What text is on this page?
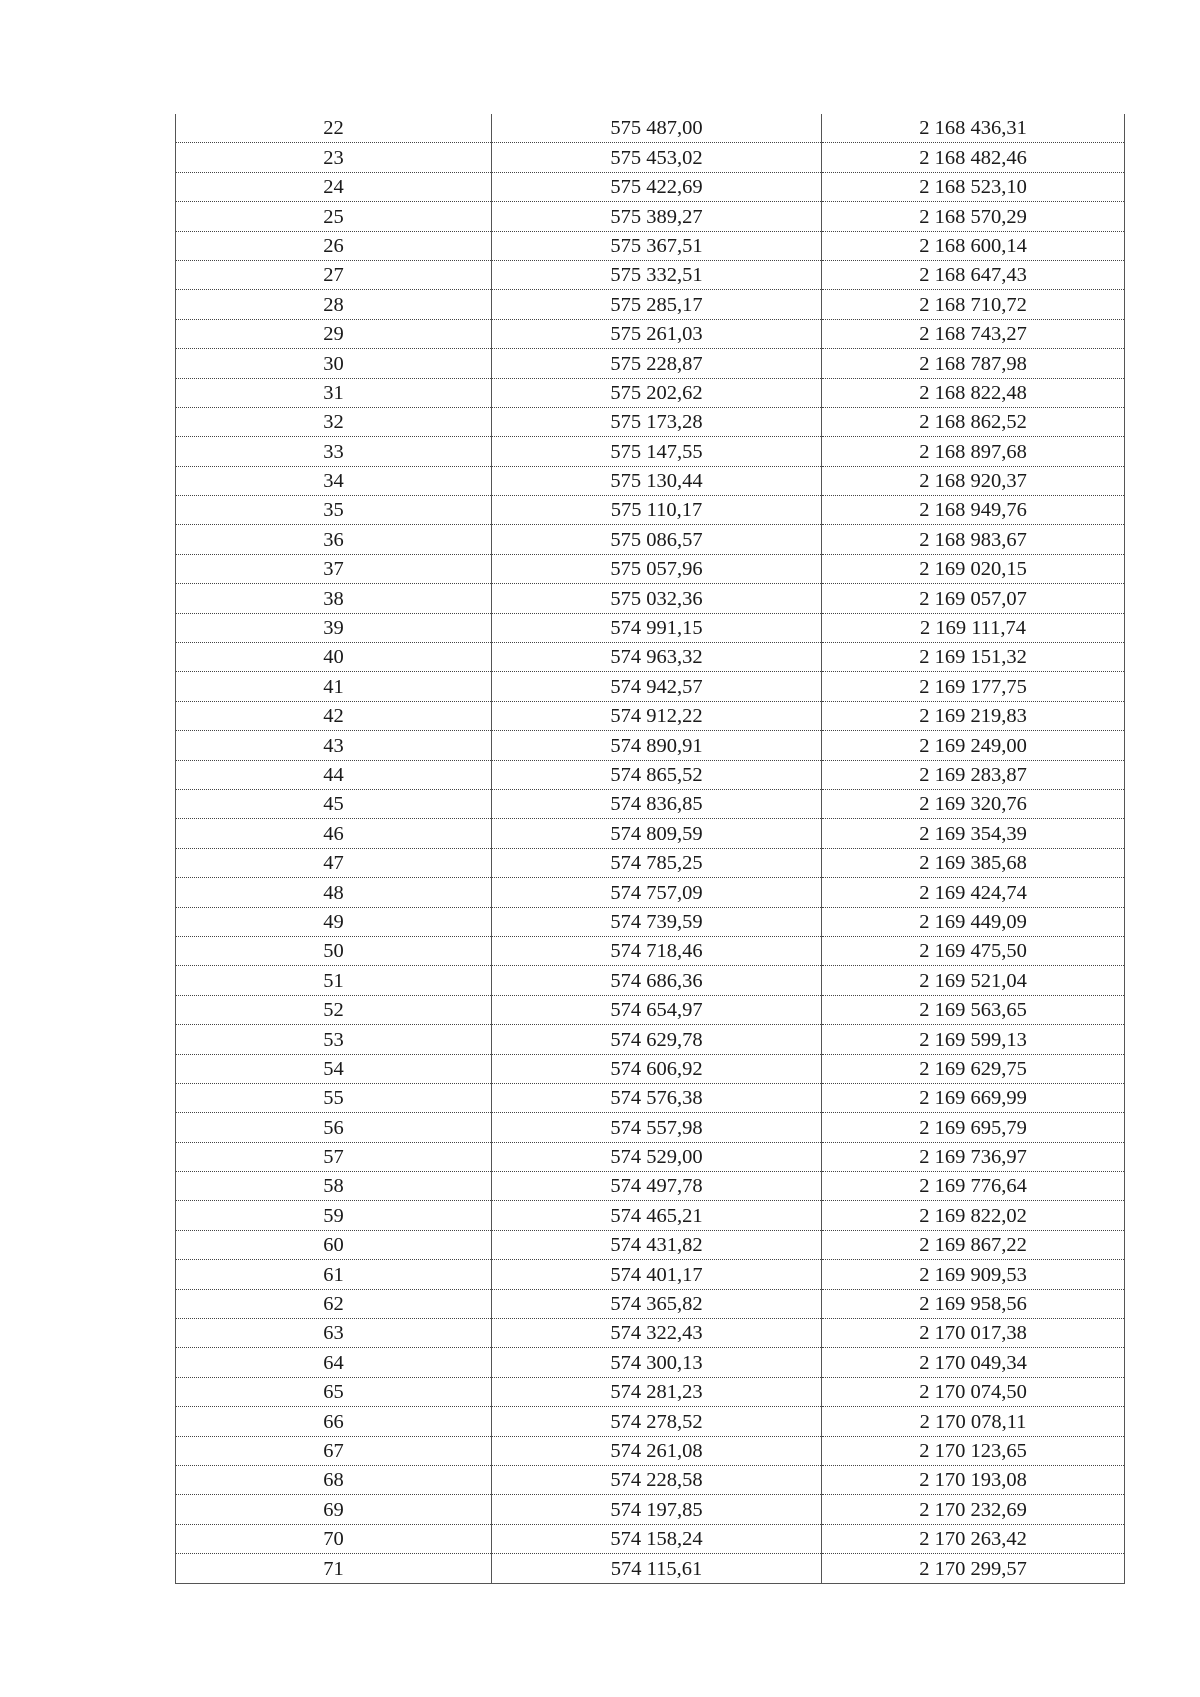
22	575 487,00	2 168 436,31
23	575 453,02	2 168 482,46
24	575 422,69	2 168 523,10
25	575 389,27	2 168 570,29
26	575 367,51	2 168 600,14
27	575 332,51	2 168 647,43
28	575 285,17	2 168 710,72
29	575 261,03	2 168 743,27
30	575 228,87	2 168 787,98
31	575 202,62	2 168 822,48
32	575 173,28	2 168 862,52
33	575 147,55	2 168 897,68
34	575 130,44	2 168 920,37
35	575 110,17	2 168 949,76
36	575 086,57	2 168 983,67
37	575 057,96	2 169 020,15
38	575 032,36	2 169 057,07
39	574 991,15	2 169 111,74
40	574 963,32	2 169 151,32
41	574 942,57	2 169 177,75
42	574 912,22	2 169 219,83
43	574 890,91	2 169 249,00
44	574 865,52	2 169 283,87
45	574 836,85	2 169 320,76
46	574 809,59	2 169 354,39
47	574 785,25	2 169 385,68
48	574 757,09	2 169 424,74
49	574 739,59	2 169 449,09
50	574 718,46	2 169 475,50
51	574 686,36	2 169 521,04
52	574 654,97	2 169 563,65
53	574 629,78	2 169 599,13
54	574 606,92	2 169 629,75
55	574 576,38	2 169 669,99
56	574 557,98	2 169 695,79
57	574 529,00	2 169 736,97
58	574 497,78	2 169 776,64
59	574 465,21	2 169 822,02
60	574 431,82	2 169 867,22
61	574 401,17	2 169 909,53
62	574 365,82	2 169 958,56
63	574 322,43	2 170 017,38
64	574 300,13	2 170 049,34
65	574 281,23	2 170 074,50
66	574 278,52	2 170 078,11
67	574 261,08	2 170 123,65
68	574 228,58	2 170 193,08
69	574 197,85	2 170 232,69
70	574 158,24	2 170 263,42
71	574 115,61	2 170 299,57
